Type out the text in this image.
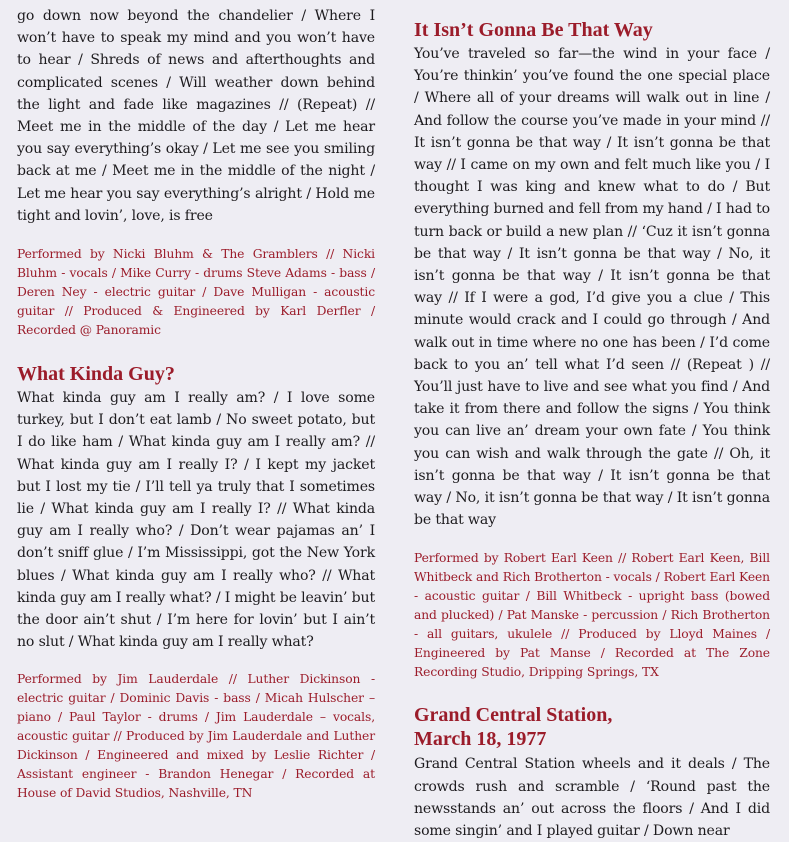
go down now beyond the chandelier / Where I won’t have to speak my mind and you won’t have to hear / Shreds of news and afterthoughts and complicated scenes / Will weather down behind the light and fade like magazines // (Repeat) // Meet me in the middle of the day / Let me hear you say everything’s okay / Let me see you smiling back at me / Meet me in the middle of the night / Let me hear you say everything’s alright / Hold me tight and lovin’, love, is free

Performed by Nicki Bluhm & The Gramblers // Nicki Bluhm - vocals / Mike Curry - drums Steve Adams - bass / Deren Ney - electric guitar / Dave Mulligan - acoustic guitar // Produced & Engineered by Karl Derfler / Recorded @ Panoramic

What Kinda Guy?

What kinda guy am I really am? / I love some turkey, but I don’t eat lamb / No sweet potato, but I do like ham / What kinda guy am I really am? // What kinda guy am I really I? / I kept my jacket but I lost my tie / I’ll tell ya truly that I sometimes lie / What kinda guy am I really I? // What kinda guy am I really who? / Don’t wear pajamas an’ I don’t sniff glue / I’m Mississippi, got the New York blues / What kinda guy am I really who? // What kinda guy am I really what? / I might be leavin’ but the door ain’t shut / I’m here for lovin’ but I ain’t no slut / What kinda guy am I really what?

Performed by Jim Lauderdale // Luther Dickinson - electric guitar / Dominic Davis - bass / Micah Hulscher – piano / Paul Taylor - drums / Jim Lauderdale – vocals, acoustic guitar // Produced by Jim Lauderdale and Luther Dickinson / Engineered and mixed by Leslie Richter / Assistant engineer - Brandon Henegar / Recorded at House of David Studios, Nashville, TN

It Isn’t Gonna Be That Way

You’ve traveled so far—the wind in your face / You’re thinkin’ you’ve found the one special place / Where all of your dreams will walk out in line / And follow the course you’ve made in your mind // It isn’t gonna be that way / It isn’t gonna be that way // I came on my own and felt much like you / I thought I was king and knew what to do / But everything burned and fell from my hand / I had to turn back or build a new plan // ‘Cuz it isn’t gonna be that way / It isn’t gonna be that way / No, it isn’t gonna be that way / It isn’t gonna be that way // If I were a god, I’d give you a clue / This minute would crack and I could go through / And walk out in time where no one has been / I’d come back to you an’ tell what I’d seen // (Repeat ) // You’ll just have to live and see what you find / And take it from there and follow the signs / You think you can live an’ dream your own fate / You think you can wish and walk through the gate // Oh, it isn’t gonna be that way / It isn’t gonna be that way / No, it isn’t gonna be that way / It isn’t gonna be that way

Performed by Robert Earl Keen // Robert Earl Keen, Bill Whitbeck and Rich Brotherton - vocals / Robert Earl Keen - acoustic guitar / Bill Whitbeck - upright bass (bowed and plucked) / Pat Manske - percussion / Rich Brotherton - all guitars, ukulele // Produced by Lloyd Maines / Engineered by Pat Manse / Recorded at The Zone Recording Studio, Dripping Springs, TX

Grand Central Station,
March 18, 1977

Grand Central Station wheels and it deals / The crowds rush and scramble / ‘Round past the newsstands an’ out across the floors / And I did some singin’ and I played guitar / Down near
